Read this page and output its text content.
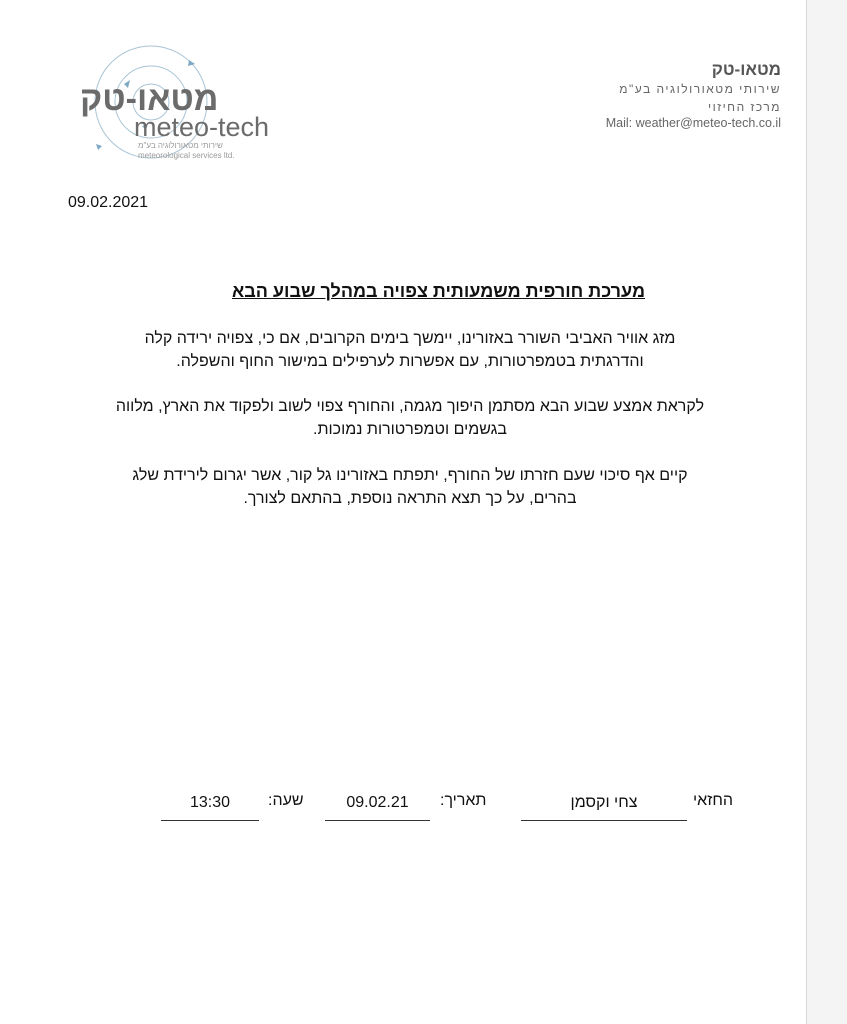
מטאו-טק
meteo-tech
שירותי מטאורולוגיה בע"מ
meteorological services ltd.
מטאו-טק
שירותי מטאורולוגיה בע"מ
מרכז החיזוי
Mail: weather@meteo-tech.co.il
09.02.2021
מערכת חורפית משמעותית צפויה במהלך שבוע הבא
מזג אוויר האביבי השורר באזורינו, יימשך בימים הקרובים, אם כי, צפויה ירידה קלה
והדרגתית בטמפרטורות, עם אפשרות לערפילים במישור החוף והשפלה.
לקראת אמצע שבוע הבא מסתמן היפוך מגמה, והחורף צפוי לשוב ולפקוד את הארץ, מלווה
בגשמים וטמפרטורות נמוכות.
קיים אף סיכוי שעם חזרתו של החורף, יתפתח באזורינו גל קור, אשר יגרום לירידת שלג
בהרים, על כך תצא התראה נוספת, בהתאם לצורך.
החזאי
צחי וקסמן
תאריך:
09.02.21
שעה:
13:30
